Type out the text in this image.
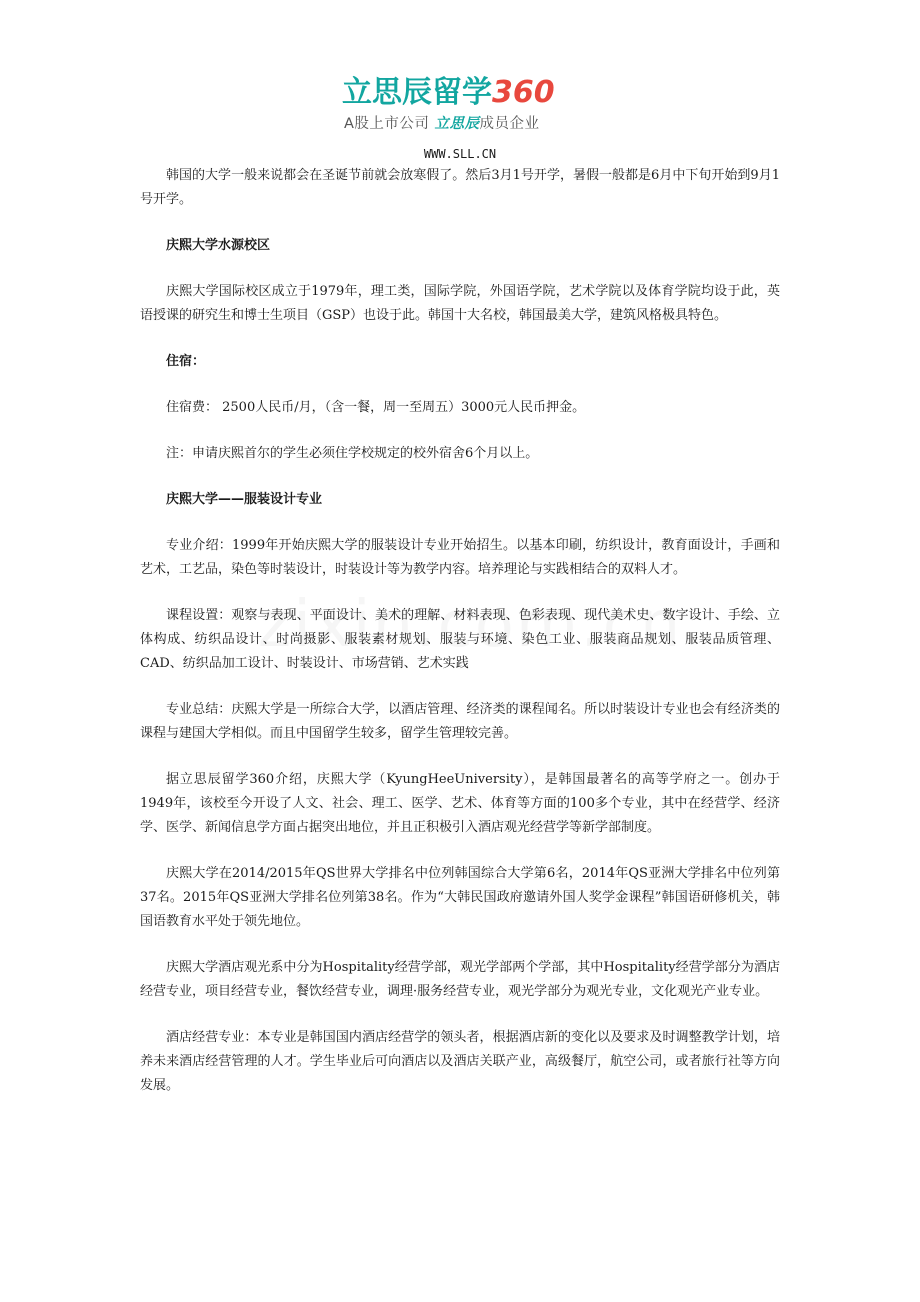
立思辰留学360
A股上市公司 立思辰成员企业
WWW.SLL.CN

韩国的大学一般来说都会在圣诞节前就会放寒假了。然后3月1号开学，暑假一般都是6月中下旬开始到9月1号开学。

庆熙大学水源校区

庆熙大学国际校区成立于1979年，理工类，国际学院，外国语学院，艺术学院以及体育学院均设于此，英语授课的研究生和博士生项目（GSP）也设于此。韩国十大名校，韩国最美大学，建筑风格极具特色。

住宿：

住宿费： 2500人民币/月，（含一餐，周一至周五）3000元人民币押金。

注：申请庆熙首尔的学生必须住学校规定的校外宿舍6个月以上。

庆熙大学——服装设计专业

专业介绍：1999年开始庆熙大学的服装设计专业开始招生。以基本印刷，纺织设计，教育面设计，手画和艺术，工艺品，染色等时装设计，时装设计等为教学内容。培养理论与实践相结合的双料人才。

课程设置：观察与表现、平面设计、美术的理解、材料表现、色彩表现、现代美术史、数字设计、手绘、立体构成、纺织品设计、时尚摄影、服装素材规划、服装与环境、染色工业、服装商品规划、服装品质管理、CAD、纺织品加工设计、时装设计、市场营销、艺术实践

专业总结：庆熙大学是一所综合大学，以酒店管理、经济类的课程闻名。所以时装设计专业也会有经济类的课程与建国大学相似。而且中国留学生较多，留学生管理较完善。

据立思辰留学360介绍，庆熙大学（KyungHeeUniversity），是韩国最著名的高等学府之一。创办于1949年，该校至今开设了人文、社会、理工、医学、艺术、体育等方面的100多个专业，其中在经营学、经济学、医学、新闻信息学方面占据突出地位，并且正积极引入酒店观光经营学等新学部制度。

庆熙大学在2014/2015年QS世界大学排名中位列韩国综合大学第6名，2014年QS亚洲大学排名中位列第37名。2015年QS亚洲大学排名位列第38名。作为“大韩民国政府邀请外国人奖学金课程”韩国语研修机关，韩国语教育水平处于领先地位。

庆熙大学酒店观光系中分为Hospitality经营学部，观光学部两个学部，其中Hospitality经营学部分为酒店经营专业，项目经营专业，餐饮经营专业，调理·服务经营专业，观光学部分为观光专业，文化观光产业专业。

酒店经营专业：本专业是韩国国内酒店经营学的领头者，根据酒店新的变化以及要求及时调整教学计划，培养未来酒店经营管理的人才。学生毕业后可向酒店以及酒店关联产业，高级餐厅，航空公司，或者旅行社等方向发展。
